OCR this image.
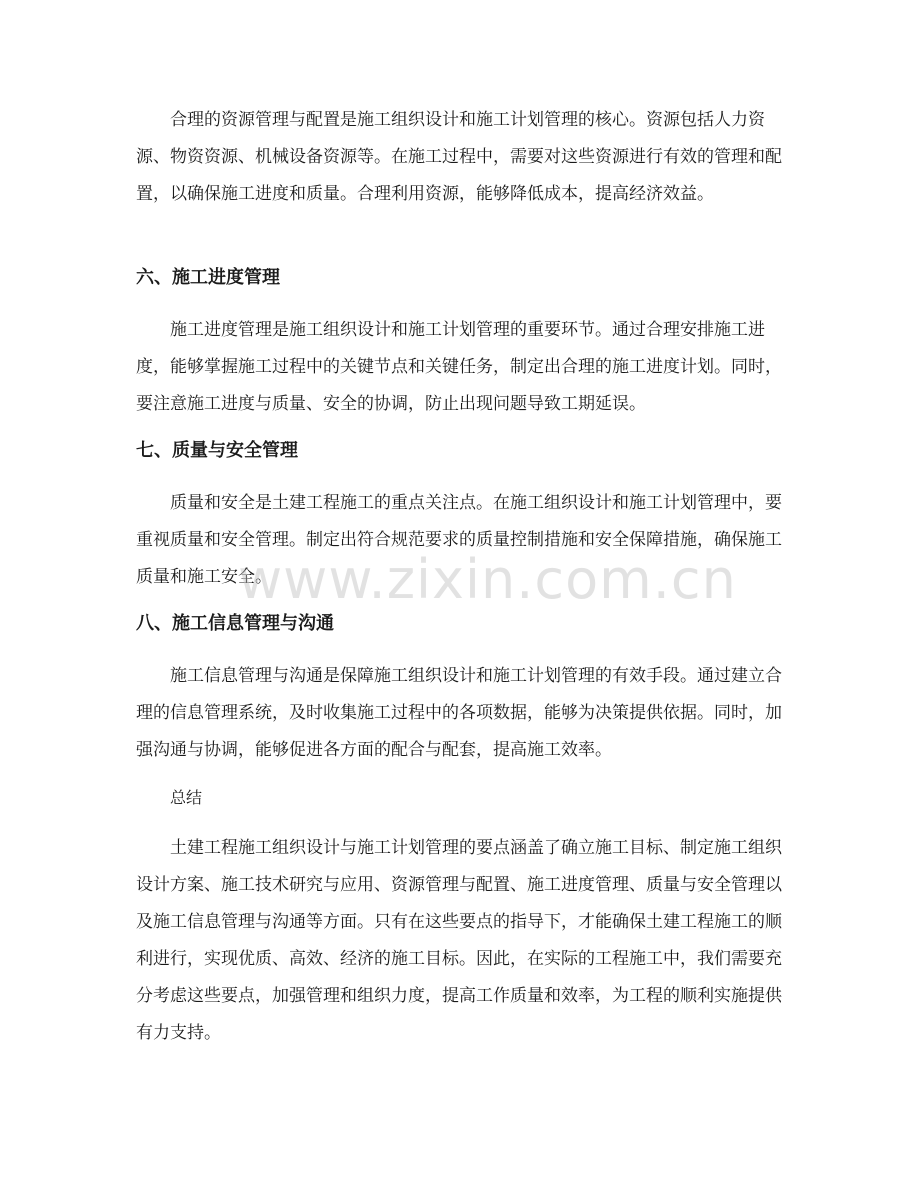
合理的资源管理与配置是施工组织设计和施工计划管理的核心。资源包括人力资源、物资资源、机械设备资源等。在施工过程中，需要对这些资源进行有效的管理和配置，以确保施工进度和质量。合理利用资源，能够降低成本，提高经济效益。

六、施工进度管理

施工进度管理是施工组织设计和施工计划管理的重要环节。通过合理安排施工进度，能够掌握施工过程中的关键节点和关键任务，制定出合理的施工进度计划。同时，要注意施工进度与质量、安全的协调，防止出现问题导致工期延误。

七、质量与安全管理

质量和安全是土建工程施工的重点关注点。在施工组织设计和施工计划管理中，要重视质量和安全管理。制定出符合规范要求的质量控制措施和安全保障措施，确保施工质量和施工安全。

八、施工信息管理与沟通

施工信息管理与沟通是保障施工组织设计和施工计划管理的有效手段。通过建立合理的信息管理系统，及时收集施工过程中的各项数据，能够为决策提供依据。同时，加强沟通与协调，能够促进各方面的配合与配套，提高施工效率。

总结

土建工程施工组织设计与施工计划管理的要点涵盖了确立施工目标、制定施工组织设计方案、施工技术研究与应用、资源管理与配置、施工进度管理、质量与安全管理以及施工信息管理与沟通等方面。只有在这些要点的指导下，才能确保土建工程施工的顺利进行，实现优质、高效、经济的施工目标。因此，在实际的工程施工中，我们需要充分考虑这些要点，加强管理和组织力度，提高工作质量和效率，为工程的顺利实施提供有力支持。

www.zixin.com.cn
